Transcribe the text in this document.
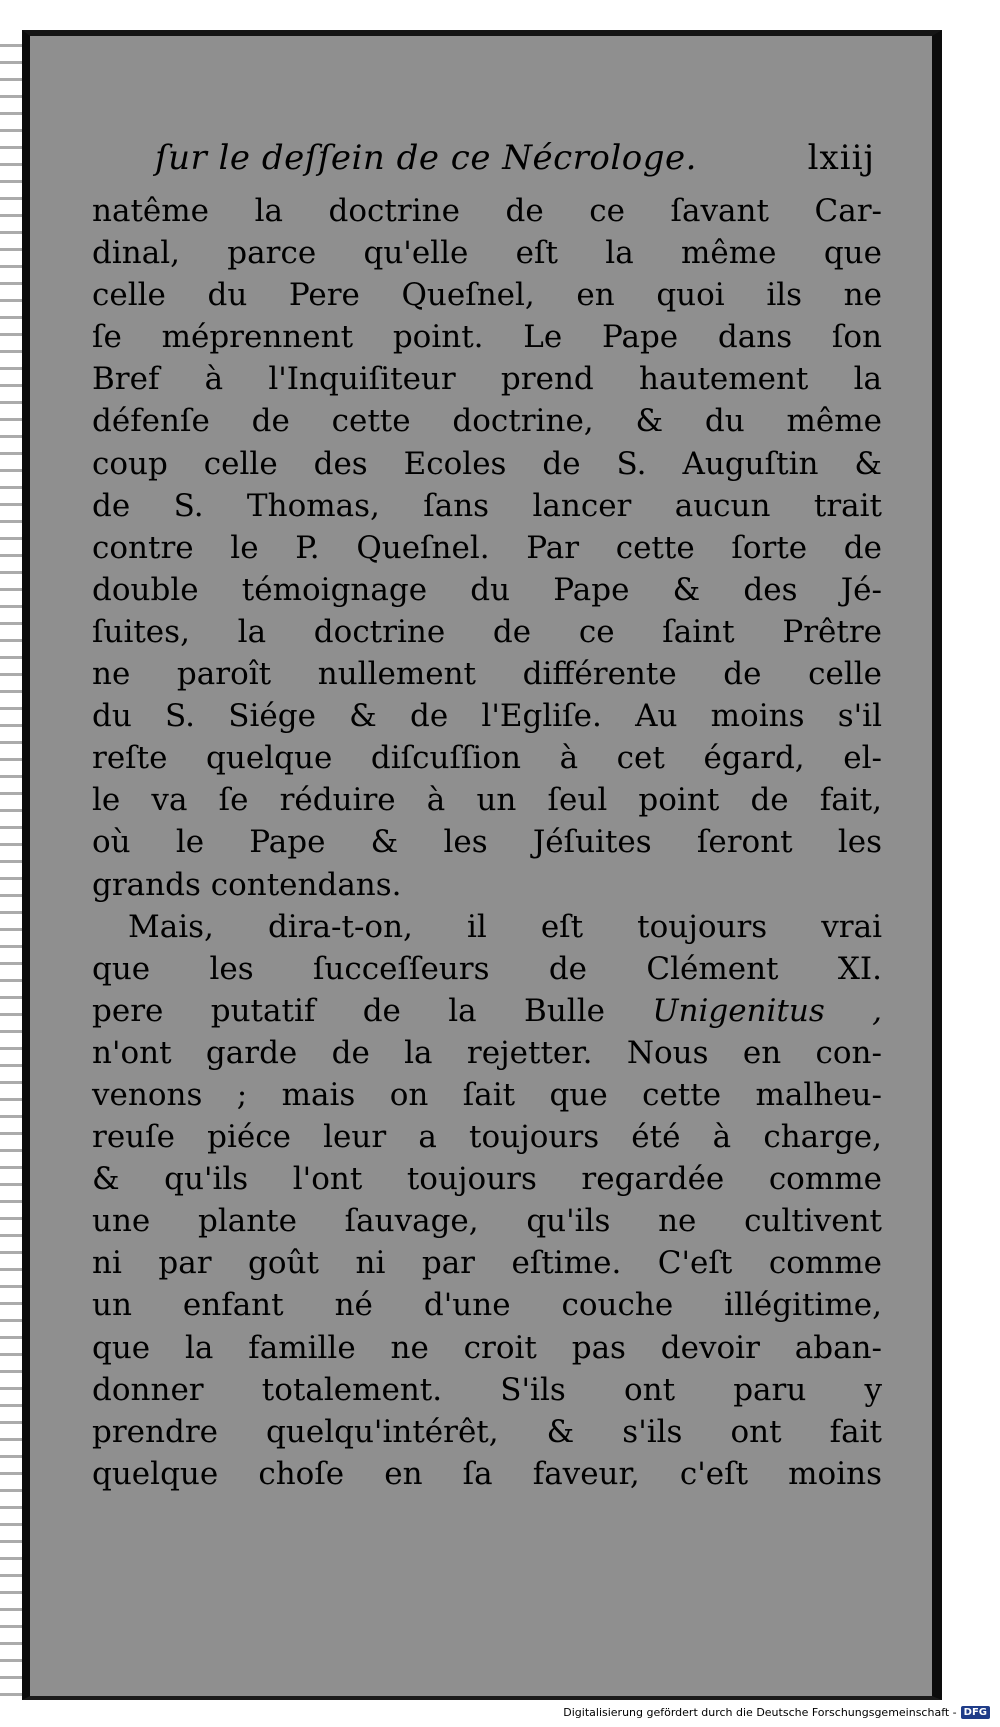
ſur le deſſein de ce Nécrologe.	lxiij
natême la doctrine de ce ſavant Car-
dinal, parce qu'elle eſt la même que
celle du Pere Queſnel, en quoi ils ne
ſe méprennent point. Le Pape dans ſon
Bref à l'Inquiſiteur prend hautement la
défenſe de cette doctrine, & du même
coup celle des Ecoles de S. Auguſtin &
de S. Thomas, ſans lancer aucun trait
contre le P. Queſnel. Par cette ſorte de
double témoignage du Pape & des Jé-
ſuites, la doctrine de ce ſaint Prêtre
ne paroît nullement différente de celle
du S. Siége & de l'Egliſe. Au moins s'il
reſte quelque diſcuſſion à cet égard, el-
le va ſe réduire à un ſeul point de fait,
où le Pape & les Jéſuites ſeront les
grands contendans.
Mais, dira-t-on, il eſt toujours vrai
que les ſucceſſeurs de Clément XI.
pere putatif de la Bulle Unigenitus ,
n'ont garde de la rejetter. Nous en con-
venons ; mais on ſait que cette malheu-
reuſe piéce leur a toujours été à charge,
& qu'ils l'ont toujours regardée comme
une plante ſauvage, qu'ils ne cultivent
ni par goût ni par eſtime. C'eſt comme
un enfant né d'une couche illégitime,
que la famille ne croit pas devoir aban-
donner totalement. S'ils ont paru y
prendre quelqu'intérêt, & s'ils ont fait
quelque choſe en ſa faveur, c'eſt moins
Digitalisierung gefördert durch die Deutsche Forschungsgemeinschaft - DFG
